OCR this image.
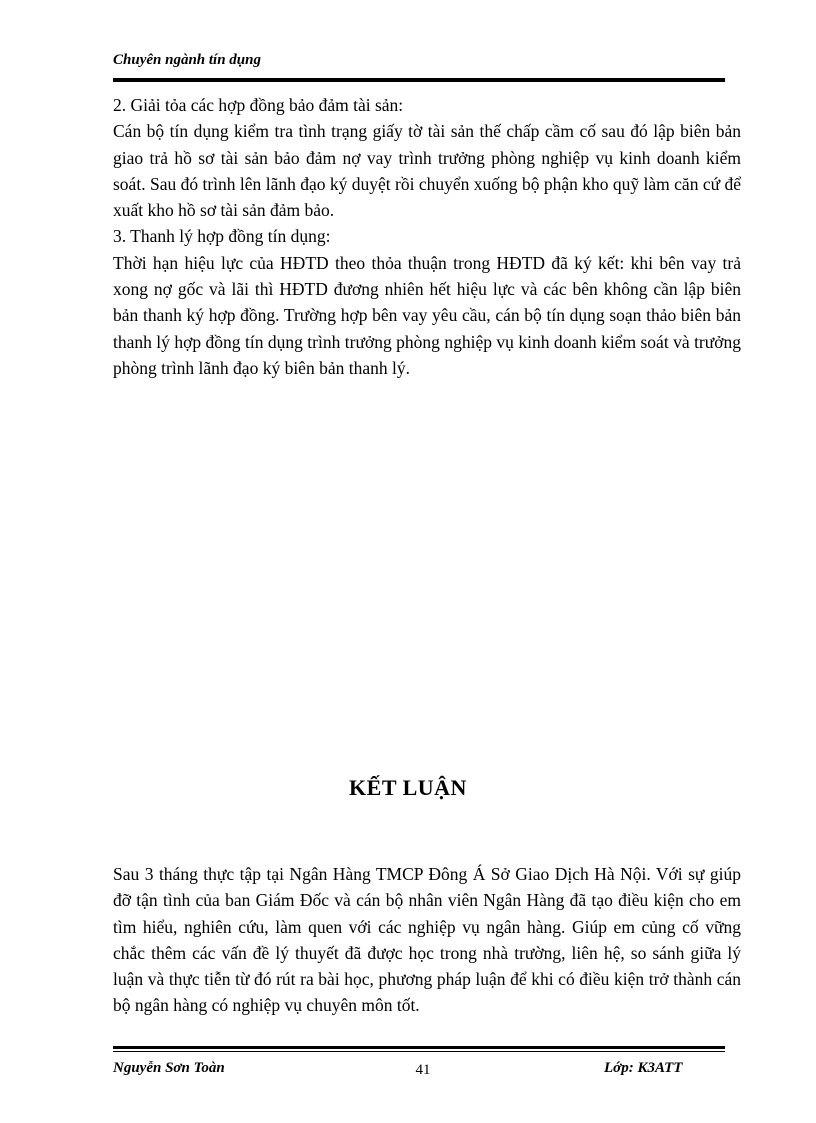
Chuyên ngành tín dụng

2. Giải tỏa các hợp đồng bảo đảm tài sản:

Cán bộ tín dụng kiểm tra tình trạng giấy tờ tài sản thế chấp cầm cố sau đó lập biên bản giao trả hồ sơ tài sản bảo đảm nợ vay trình trưởng phòng nghiệp vụ kinh doanh kiểm soát. Sau đó trình lên lãnh đạo ký duyệt rồi chuyển xuống bộ phận kho quỹ làm căn cứ để xuất kho hồ sơ tài sản đảm bảo.

3. Thanh lý hợp đồng tín dụng:

Thời hạn hiệu lực của HĐTD theo thỏa thuận trong HĐTD đã ký kết: khi bên vay trả xong nợ gốc và lãi thì HĐTD đương nhiên hết hiệu lực và các bên không cần lập biên bản thanh ký hợp đồng. Trường hợp bên vay yêu cầu, cán bộ tín dụng soạn thảo biên bản thanh lý hợp đồng tín dụng trình trưởng phòng nghiệp vụ kinh doanh kiểm soát và trưởng phòng trình lãnh đạo ký biên bản thanh lý.

KẾT LUẬN

Sau 3 tháng thực tập tại Ngân Hàng TMCP Đông Á Sở Giao Dịch Hà Nội. Với sự giúp đỡ tận tình của ban Giám Đốc và cán bộ nhân viên Ngân Hàng đã tạo điều kiện cho em tìm hiểu, nghiên cứu, làm quen với các nghiệp vụ ngân hàng. Giúp em củng cố vững chắc thêm các vấn đề lý thuyết đã được học trong nhà trường, liên hệ, so sánh giữa lý luận và thực tiễn từ đó rút ra bài học, phương pháp luận để khi có điều kiện trở thành cán bộ ngân hàng có nghiệp vụ chuyên môn tốt.

Nguyễn Sơn Toàn	41	Lớp: K3ATT
